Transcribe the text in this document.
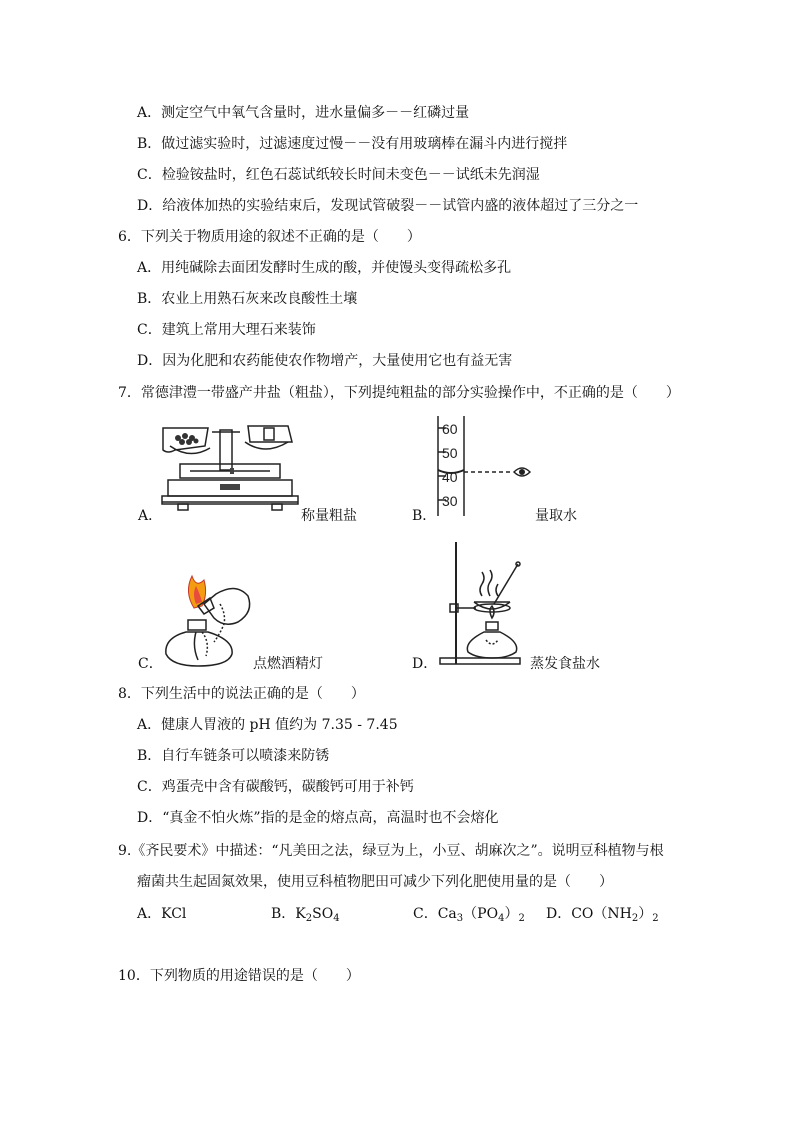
A．测定空气中氧气含量时，进水量偏多－－红磷过量
B．做过滤实验时，过滤速度过慢－－没有用玻璃棒在漏斗内进行搅拌
C．检验铵盐时，红色石蕊试纸较长时间未变色－－试纸未先润湿
D．给液体加热的实验结束后，发现试管破裂－－试管内盛的液体超过了三分之一
6．下列关于物质用途的叙述不正确的是（　　）
A．用纯碱除去面团发酵时生成的酸，并使馒头变得疏松多孔
B．农业上用熟石灰来改良酸性土壤
C．建筑上常用大理石来装饰
D．因为化肥和农药能使农作物增产，大量使用它也有益无害
7．常德津澧一带盛产井盐（粗盐），下列提纯粗盐的部分实验操作中，不正确的是（　　）
A．	称量粗盐
60
50
40
30
B．	量取水
C．	点燃酒精灯	D．	蒸发食盐水
8．下列生活中的说法正确的是（　　）
A．健康人胃液的 pH 值约为 7.35 - 7.45
B．自行车链条可以喷漆来防锈
C．鸡蛋壳中含有碳酸钙，碳酸钙可用于补钙
D．“真金不怕火炼”指的是金的熔点高，高温时也不会熔化
9.《齐民要术》中描述：“凡美田之法，绿豆为上，小豆、胡麻次之”。说明豆科植物与根
瘤菌共生起固氮效果，使用豆科植物肥田可减少下列化肥使用量的是（　　）
A．KCl	B．$K_2SO_4$	C．$Ca_3(PO_4)_2$ D．$CO(NH_2)_2$
10．下列物质的用途错误的是（　　）
